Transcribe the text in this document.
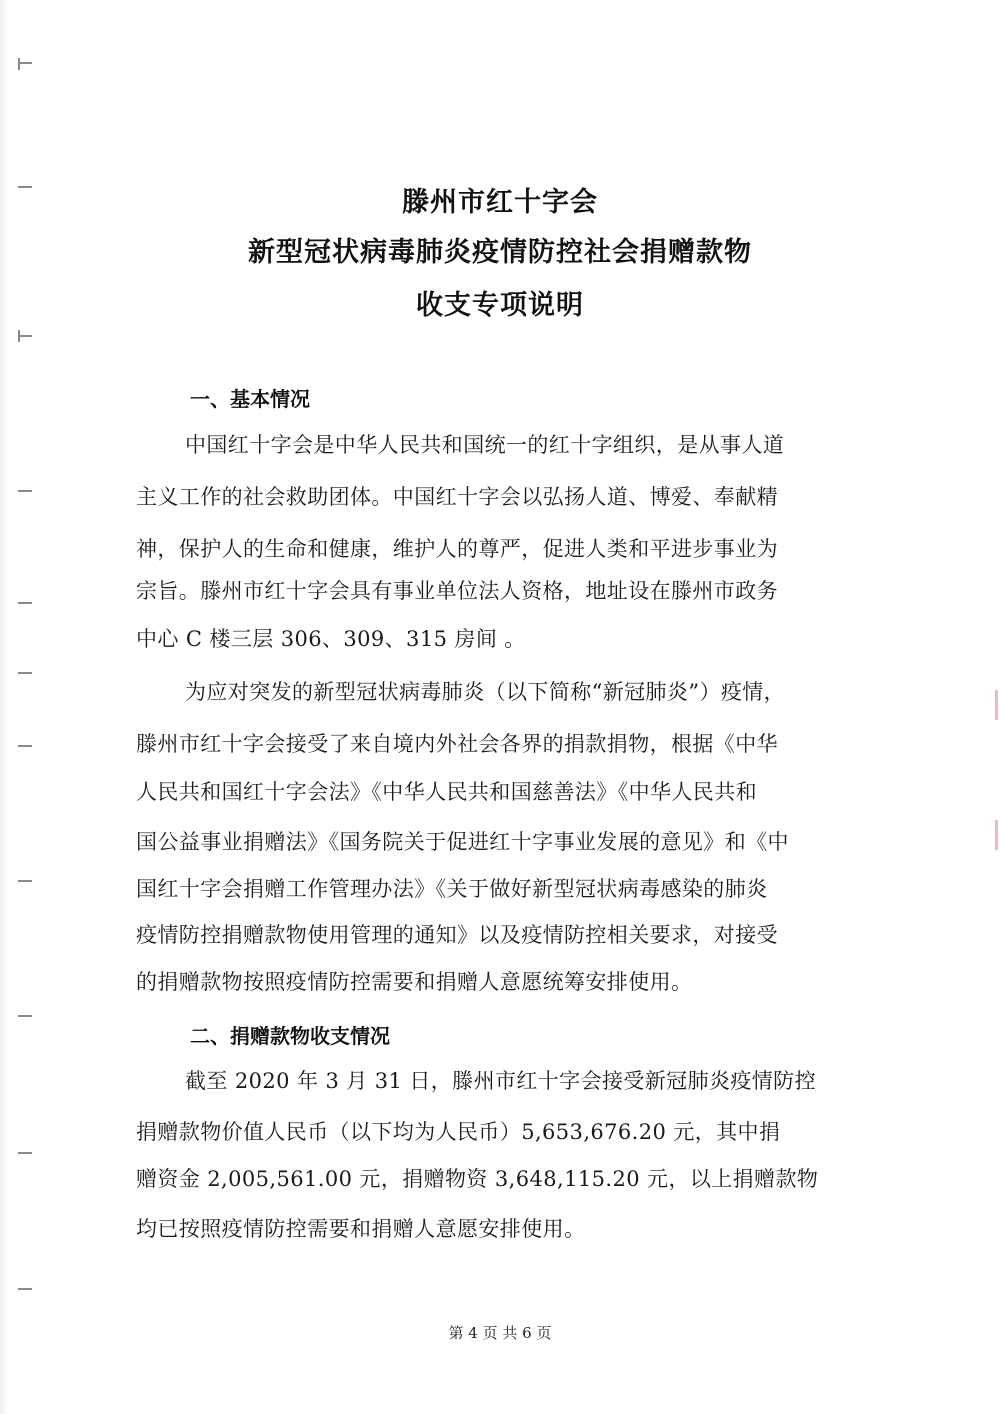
滕州市红十字会
新型冠状病毒肺炎疫情防控社会捐赠款物
收支专项说明
一、基本情况
中国红十字会是中华人民共和国统一的红十字组织，是从事人道
主义工作的社会救助团体。中国红十字会以弘扬人道、博爱、奉献精
神，保护人的生命和健康，维护人的尊严，促进人类和平进步事业为
宗旨。滕州市红十字会具有事业单位法人资格，地址设在滕州市政务
中心 C 楼三层 306、309、315 房间 。
为应对突发的新型冠状病毒肺炎（以下简称“新冠肺炎”）疫情，
滕州市红十字会接受了来自境内外社会各界的捐款捐物，根据《中华
人民共和国红十字会法》《中华人民共和国慈善法》《中华人民共和
国公益事业捐赠法》《国务院关于促进红十字事业发展的意见》和《中
国红十字会捐赠工作管理办法》《关于做好新型冠状病毒感染的肺炎
疫情防控捐赠款物使用管理的通知》以及疫情防控相关要求，对接受
的捐赠款物按照疫情防控需要和捐赠人意愿统筹安排使用。
二、捐赠款物收支情况
截至 2020 年 3 月 31 日，滕州市红十字会接受新冠肺炎疫情防控
捐赠款物价值人民币（以下均为人民币）5,653,676.20 元，其中捐
赠资金 2,005,561.00 元，捐赠物资 3,648,115.20 元，以上捐赠款物
均已按照疫情防控需要和捐赠人意愿安排使用。
第 4 页 共 6 页
